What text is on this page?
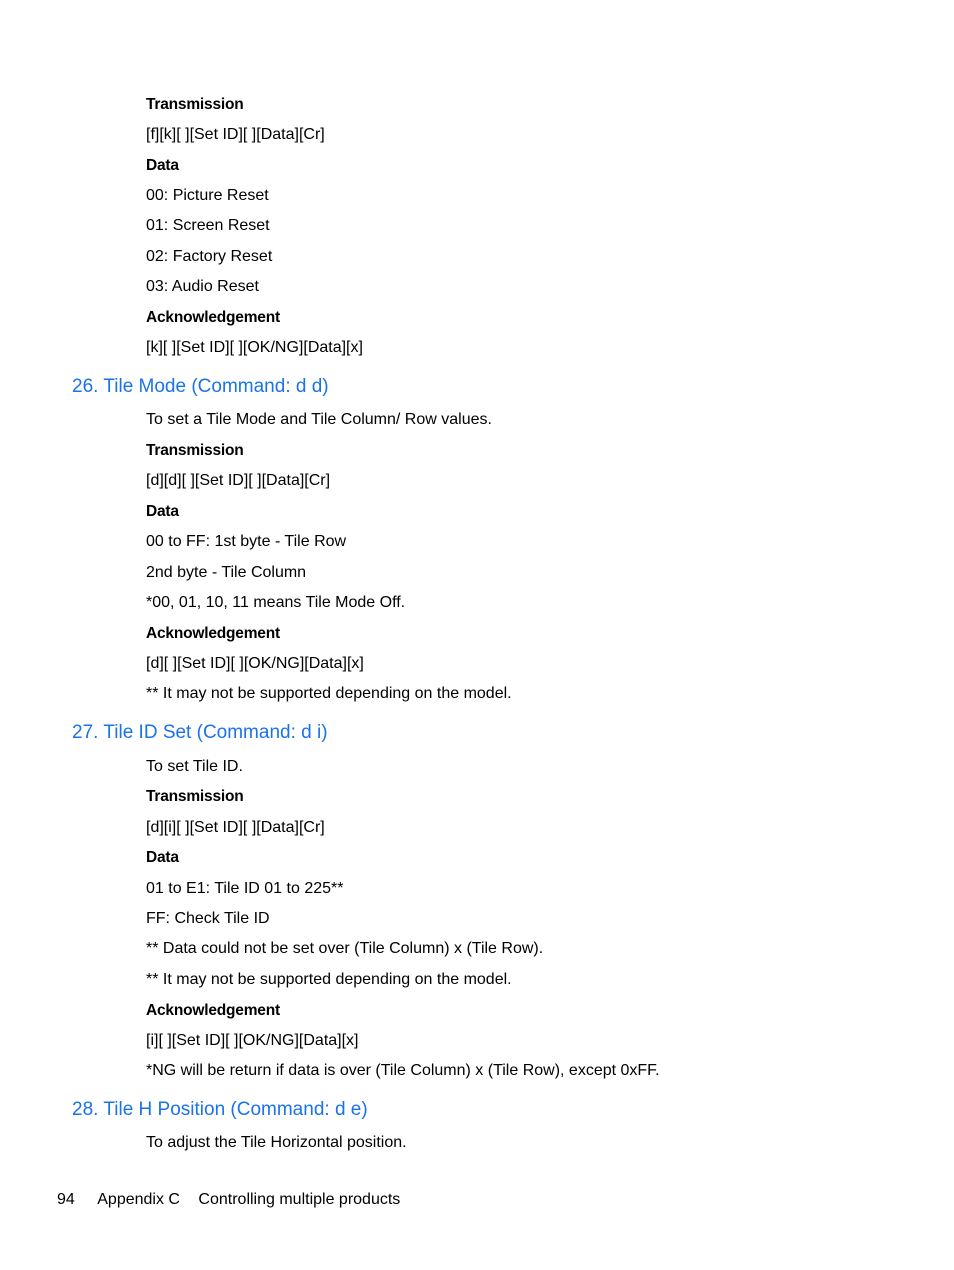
Transmission
[f][k][ ][Set ID][ ][Data][Cr]
Data
00: Picture Reset
01: Screen Reset
02: Factory Reset
03: Audio Reset
Acknowledgement
[k][ ][Set ID][ ][OK/NG][Data][x]
26. Tile Mode (Command: d d)
To set a Tile Mode and Tile Column/ Row values.
Transmission
[d][d][ ][Set ID][ ][Data][Cr]
Data
00 to FF: 1st byte - Tile Row
2nd byte - Tile Column
*00, 01, 10, 11 means Tile Mode Off.
Acknowledgement
[d][ ][Set ID][ ][OK/NG][Data][x]
** It may not be supported depending on the model.
27. Tile ID Set (Command: d i)
To set Tile ID.
Transmission
[d][i][ ][Set ID][ ][Data][Cr]
Data
01 to E1: Tile ID 01 to 225**
FF: Check Tile ID
** Data could not be set over (Tile Column) x (Tile Row).
** It may not be supported depending on the model.
Acknowledgement
[i][ ][Set ID][ ][OK/NG][Data][x]
*NG will be return if data is over (Tile Column) x (Tile Row), except 0xFF.
28. Tile H Position (Command: d e)
To adjust the Tile Horizontal position.
94 Appendix C Controlling multiple products
